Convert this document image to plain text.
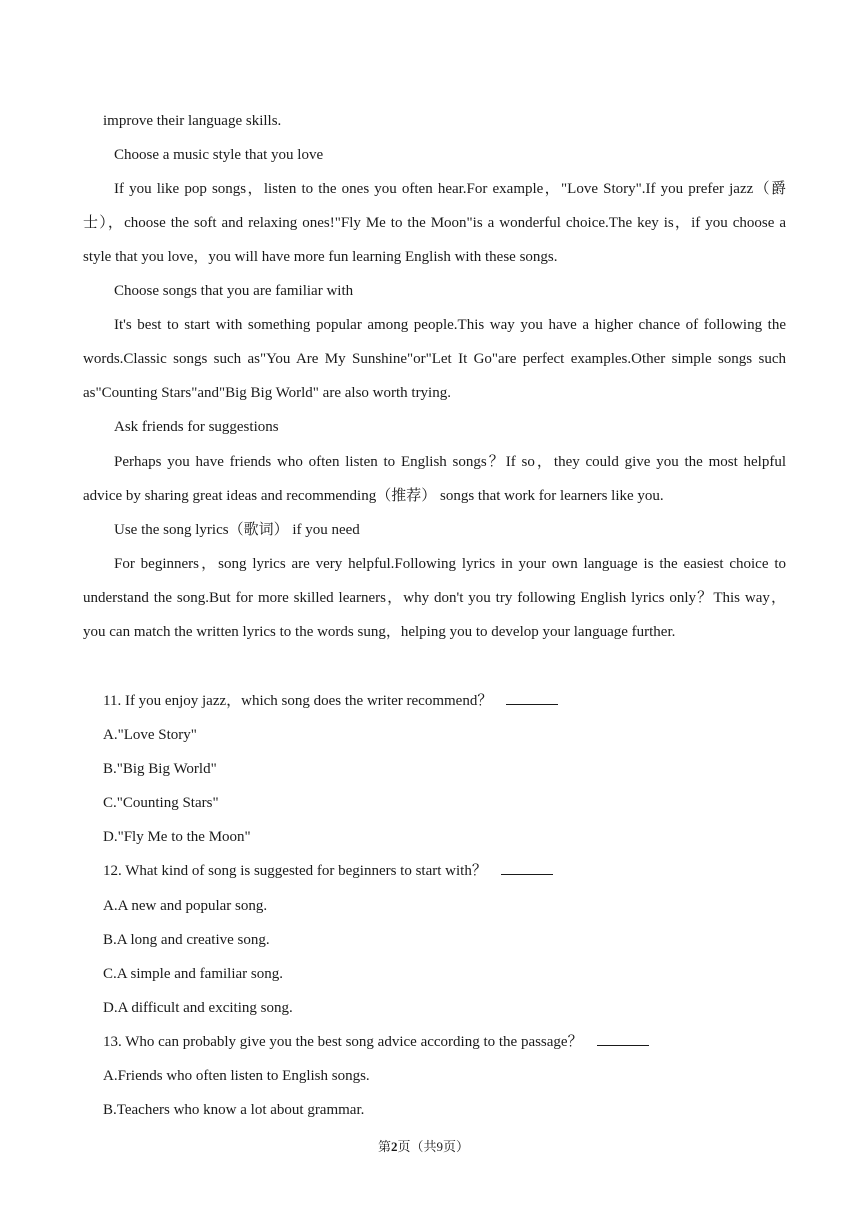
improve their language skills.

Choose a music style that you love

If you like pop songs，listen to the ones you often hear.For example，"Love Story".If you prefer jazz（爵

士），choose the soft and relaxing ones!"Fly Me to the Moon"is a wonderful choice.The key is，if you choose a

style that you love，you will have more fun learning English with these songs.

Choose songs that you are familiar with

It's best to start with something popular among people.This way you have a higher chance of following the

words.Classic songs such as"You Are My Sunshine"or"Let It Go"are perfect examples.Other simple songs such

as"Counting Stars"and"Big Big World" are also worth trying.

Ask friends for suggestions

Perhaps you have friends who often listen to English songs？If so，they could give you the most helpful

advice by sharing great ideas and recommending（推荐） songs that work for learners like you.

Use the song lyrics（歌词） if you need

For beginners，song lyrics are very helpful.Following lyrics in your own language is the easiest choice to

understand the song.But for more skilled learners，why don't you try following English lyrics only？This way，

you can match the written lyrics to the words sung，helping you to develop your language further.

11. If you enjoy jazz，which song does the writer recommend？

A."Love Story"

B."Big Big World"

C."Counting Stars"

D."Fly Me to the Moon"

12. What kind of song is suggested for beginners to start with？

A.A new and popular song.

B.A long and creative song.

C.A simple and familiar song.

D.A difficult and exciting song.

13. Who can probably give you the best song advice according to the passage？

A.Friends who often listen to English songs.

B.Teachers who know a lot about grammar.

第2页（共9页）
